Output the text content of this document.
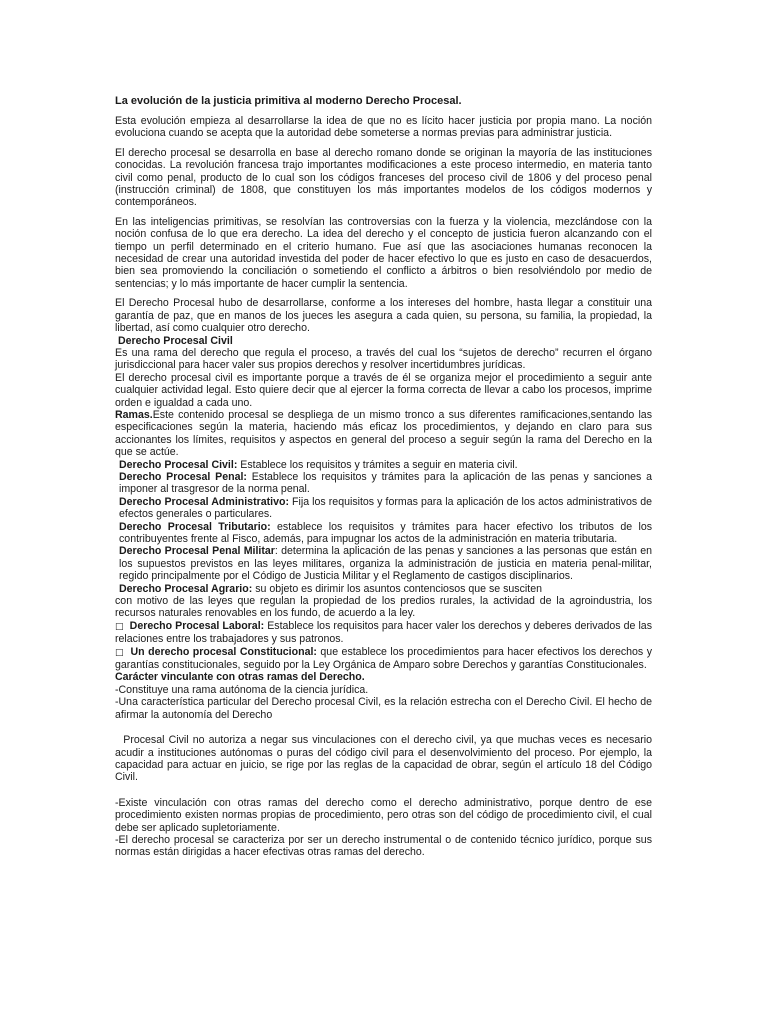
La evolución de la justicia primitiva al moderno Derecho Procesal.

Esta evolución empieza al desarrollarse la idea de que no es lícito hacer justicia por propia mano. La noción evoluciona cuando se acepta que la autoridad debe someterse a normas previas para administrar justicia.

El derecho procesal se desarrolla en base al derecho romano donde se originan la mayoría de las instituciones conocidas. La revolución francesa trajo importantes modificaciones a este proceso intermedio, en materia tanto civil como penal, producto de lo cual son los códigos franceses del proceso civil de 1806 y del proceso penal (instrucción criminal) de 1808, que constituyen los más importantes modelos de los códigos modernos y contemporáneos.

En las inteligencias primitivas, se resolvían las controversias con la fuerza y la violencia, mezclándose con la noción confusa de lo que era derecho. La idea del derecho y el concepto de justicia fueron alcanzando con el tiempo un perfil determinado en el criterio humano. Fue así que las asociaciones humanas reconocen la necesidad de crear una autoridad investida del poder de hacer efectivo lo que es justo en caso de desacuerdos, bien sea promoviendo la conciliación o sometiendo el conflicto a árbitros o bien resolviéndolo por medio de sentencias; y lo más importante de hacer cumplir la sentencia.

El Derecho Procesal hubo de desarrollarse, conforme a los intereses del hombre, hasta llegar a constituir una garantía de paz, que en manos de los jueces les asegura a cada quien, su persona, su familia, la propiedad, la libertad, así como cualquier otro derecho.

Derecho Procesal Civil

Es una rama del derecho que regula el proceso, a través del cual los “sujetos de derecho” recurren el órgano jurisdiccional para hacer valer sus propios derechos y resolver incertidumbres jurídicas.

El derecho procesal civil es importante porque a través de él se organiza mejor el procedimiento a seguir ante cualquier actividad legal. Esto quiere decir que al ejercer la forma correcta de llevar a cabo los procesos, imprime orden e igualdad a cada uno.

Ramas.Este contenido procesal se despliega de un mismo tronco a sus diferentes ramificaciones,sentando las especificaciones según la materia, haciendo más eficaz los procedimientos, y dejando en claro para sus accionantes los límites, requisitos y aspectos en general del proceso a seguir según la rama del Derecho en la que se actúe.

Derecho Procesal Civil: Establece los requisitos y trámites a seguir en materia civil.

Derecho Procesal Penal: Establece los requisitos y trámites para la aplicación de las penas y sanciones a imponer al trasgresor de la norma penal.

Derecho Procesal Administrativo: Fija los requisitos y formas para la aplicación de los actos administrativos de efectos generales o particulares.

Derecho Procesal Tributario: establece los requisitos y trámites para hacer efectivo los tributos de los contribuyentes frente al Fisco, además, para impugnar los actos de la administración en materia tributaria.

Derecho Procesal Penal Militar: determina la aplicación de las penas y sanciones a las personas que están en los supuestos previstos en las leyes militares, organiza la administración de justicia en materia penal-militar, regido principalmente por el Código de Justicia Militar y el Reglamento de castigos disciplinarios.

Derecho Procesal Agrario: su objeto es dirimir los asuntos contenciosos que se susciten

con motivo de las leyes que regulan la propiedad de los predios rurales, la actividad de la agroindustria, los recursos naturales renovables en los fundo, de acuerdo a la ley.

□ Derecho Procesal Laboral: Establece los requisitos para hacer valer los derechos y deberes derivados de las relaciones entre los trabajadores y sus patronos.

□ Un derecho procesal Constitucional: que establece los procedimientos para hacer efectivos los derechos y garantías constitucionales, seguido por la Ley Orgánica de Amparo sobre Derechos y garantías Constitucionales.

Carácter vinculante con otras ramas del Derecho.

-Constituye una rama autónoma de la ciencia jurídica.

-Una característica particular del Derecho procesal Civil, es la relación estrecha con el Derecho Civil. El hecho de afirmar la autonomía del Derecho

Procesal Civil no autoriza a negar sus vinculaciones con el derecho civil, ya que muchas veces es necesario acudir a instituciones autónomas o puras del código civil para el desenvolvimiento del proceso. Por ejemplo, la capacidad para actuar en juicio, se rige por las reglas de la capacidad de obrar, según el artículo 18 del Código Civil.

-Existe vinculación con otras ramas del derecho como el derecho administrativo, porque dentro de ese procedimiento existen normas propias de procedimiento, pero otras son del código de procedimiento civil, el cual debe ser aplicado supletoriamente.

-El derecho procesal se caracteriza por ser un derecho instrumental o de contenido técnico jurídico, porque sus normas están dirigidas a hacer efectivas otras ramas del derecho.
